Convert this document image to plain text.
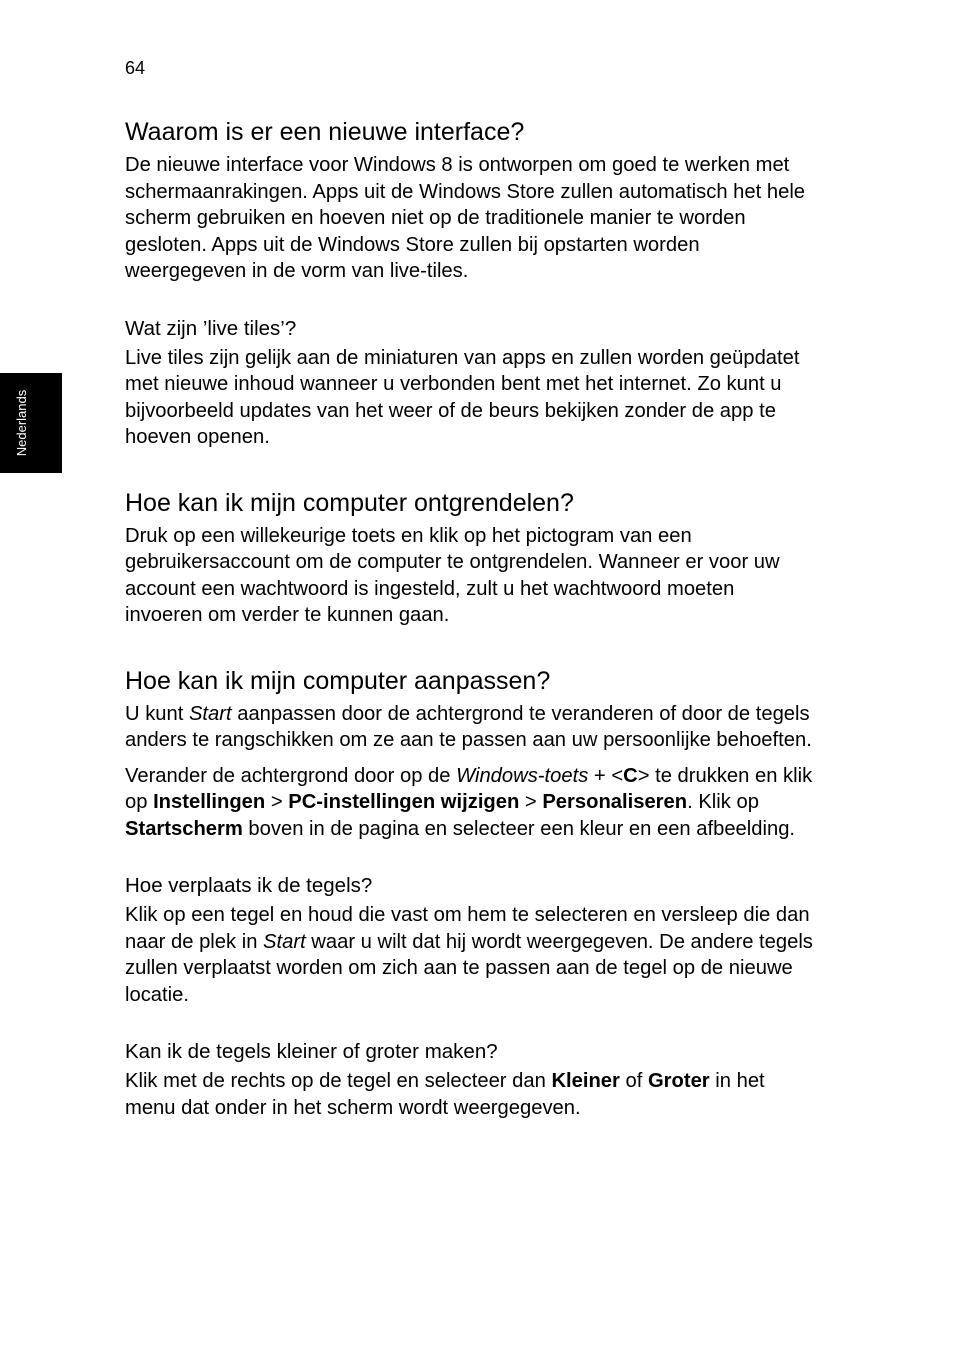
64
Nederlands
Waarom is er een nieuwe interface?

De nieuwe interface voor Windows 8 is ontworpen om goed te werken met schermaanrakingen. Apps uit de Windows Store zullen automatisch het hele scherm gebruiken en hoeven niet op de traditionele manier te worden gesloten. Apps uit de Windows Store zullen bij opstarten worden weergegeven in de vorm van live-tiles.

Wat zijn ’live tiles’?

Live tiles zijn gelijk aan de miniaturen van apps en zullen worden geüpdatet met nieuwe inhoud wanneer u verbonden bent met het internet. Zo kunt u bijvoorbeeld updates van het weer of de beurs bekijken zonder de app te hoeven openen.

Hoe kan ik mijn computer ontgrendelen?

Druk op een willekeurige toets en klik op het pictogram van een gebruikersaccount om de computer te ontgrendelen. Wanneer er voor uw account een wachtwoord is ingesteld, zult u het wachtwoord moeten invoeren om verder te kunnen gaan.

Hoe kan ik mijn computer aanpassen?

U kunt Start aanpassen door de achtergrond te veranderen of door de tegels anders te rangschikken om ze aan te passen aan uw persoonlijke behoeften.

Verander de achtergrond door op de Windows-toets + <C> te drukken en klik op Instellingen > PC-instellingen wijzigen > Personaliseren. Klik op Startscherm boven in de pagina en selecteer een kleur en een afbeelding.

Hoe verplaats ik de tegels?

Klik op een tegel en houd die vast om hem te selecteren en versleep die dan naar de plek in Start waar u wilt dat hij wordt weergegeven. De andere tegels zullen verplaatst worden om zich aan te passen aan de tegel op de nieuwe locatie.

Kan ik de tegels kleiner of groter maken?

Klik met de rechts op de tegel en selecteer dan Kleiner of Groter in het menu dat onder in het scherm wordt weergegeven.
